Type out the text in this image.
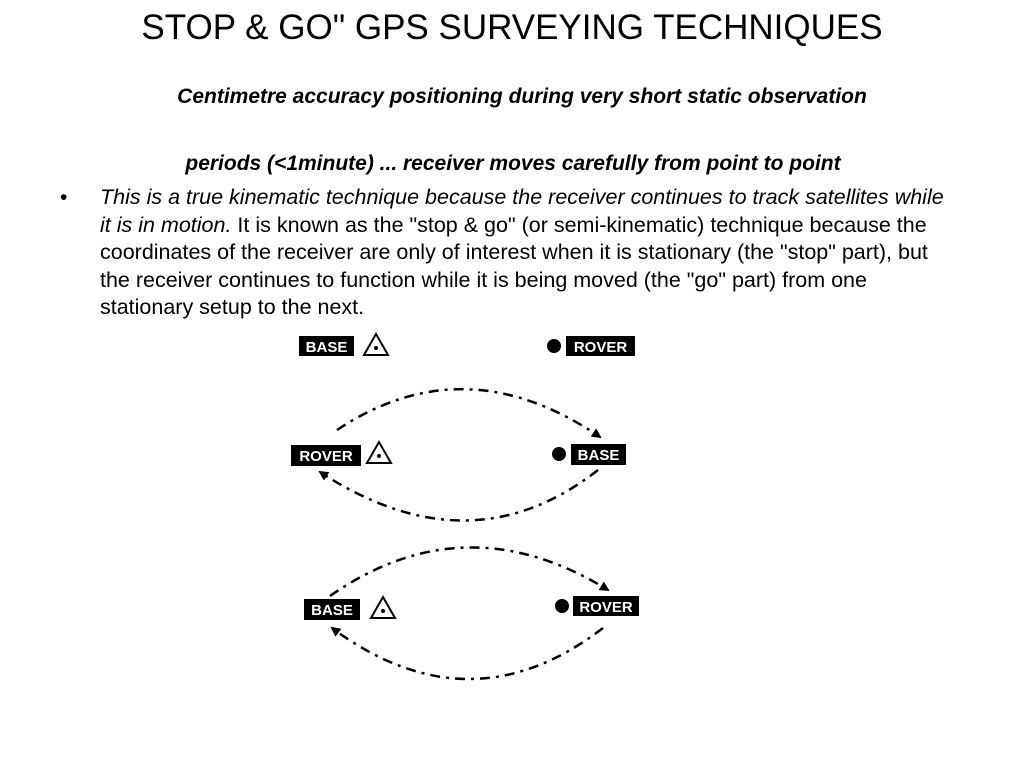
STOP & GO" GPS SURVEYING TECHNIQUES
Centimetre accuracy positioning during very short static observation
periods (<1minute) ... receiver moves carefully from point to point
• This is a true kinematic technique because the receiver continues to track satellites while it is in motion. It is known as the "stop & go" (or semi-kinematic) technique because the coordinates of the receiver are only of interest when it is stationary (the "stop" part), but the receiver continues to function while it is being moved (the "go" part) from one stationary setup to the next.
BASE	ROVER
ROVER	BASE
BASE	ROVER
